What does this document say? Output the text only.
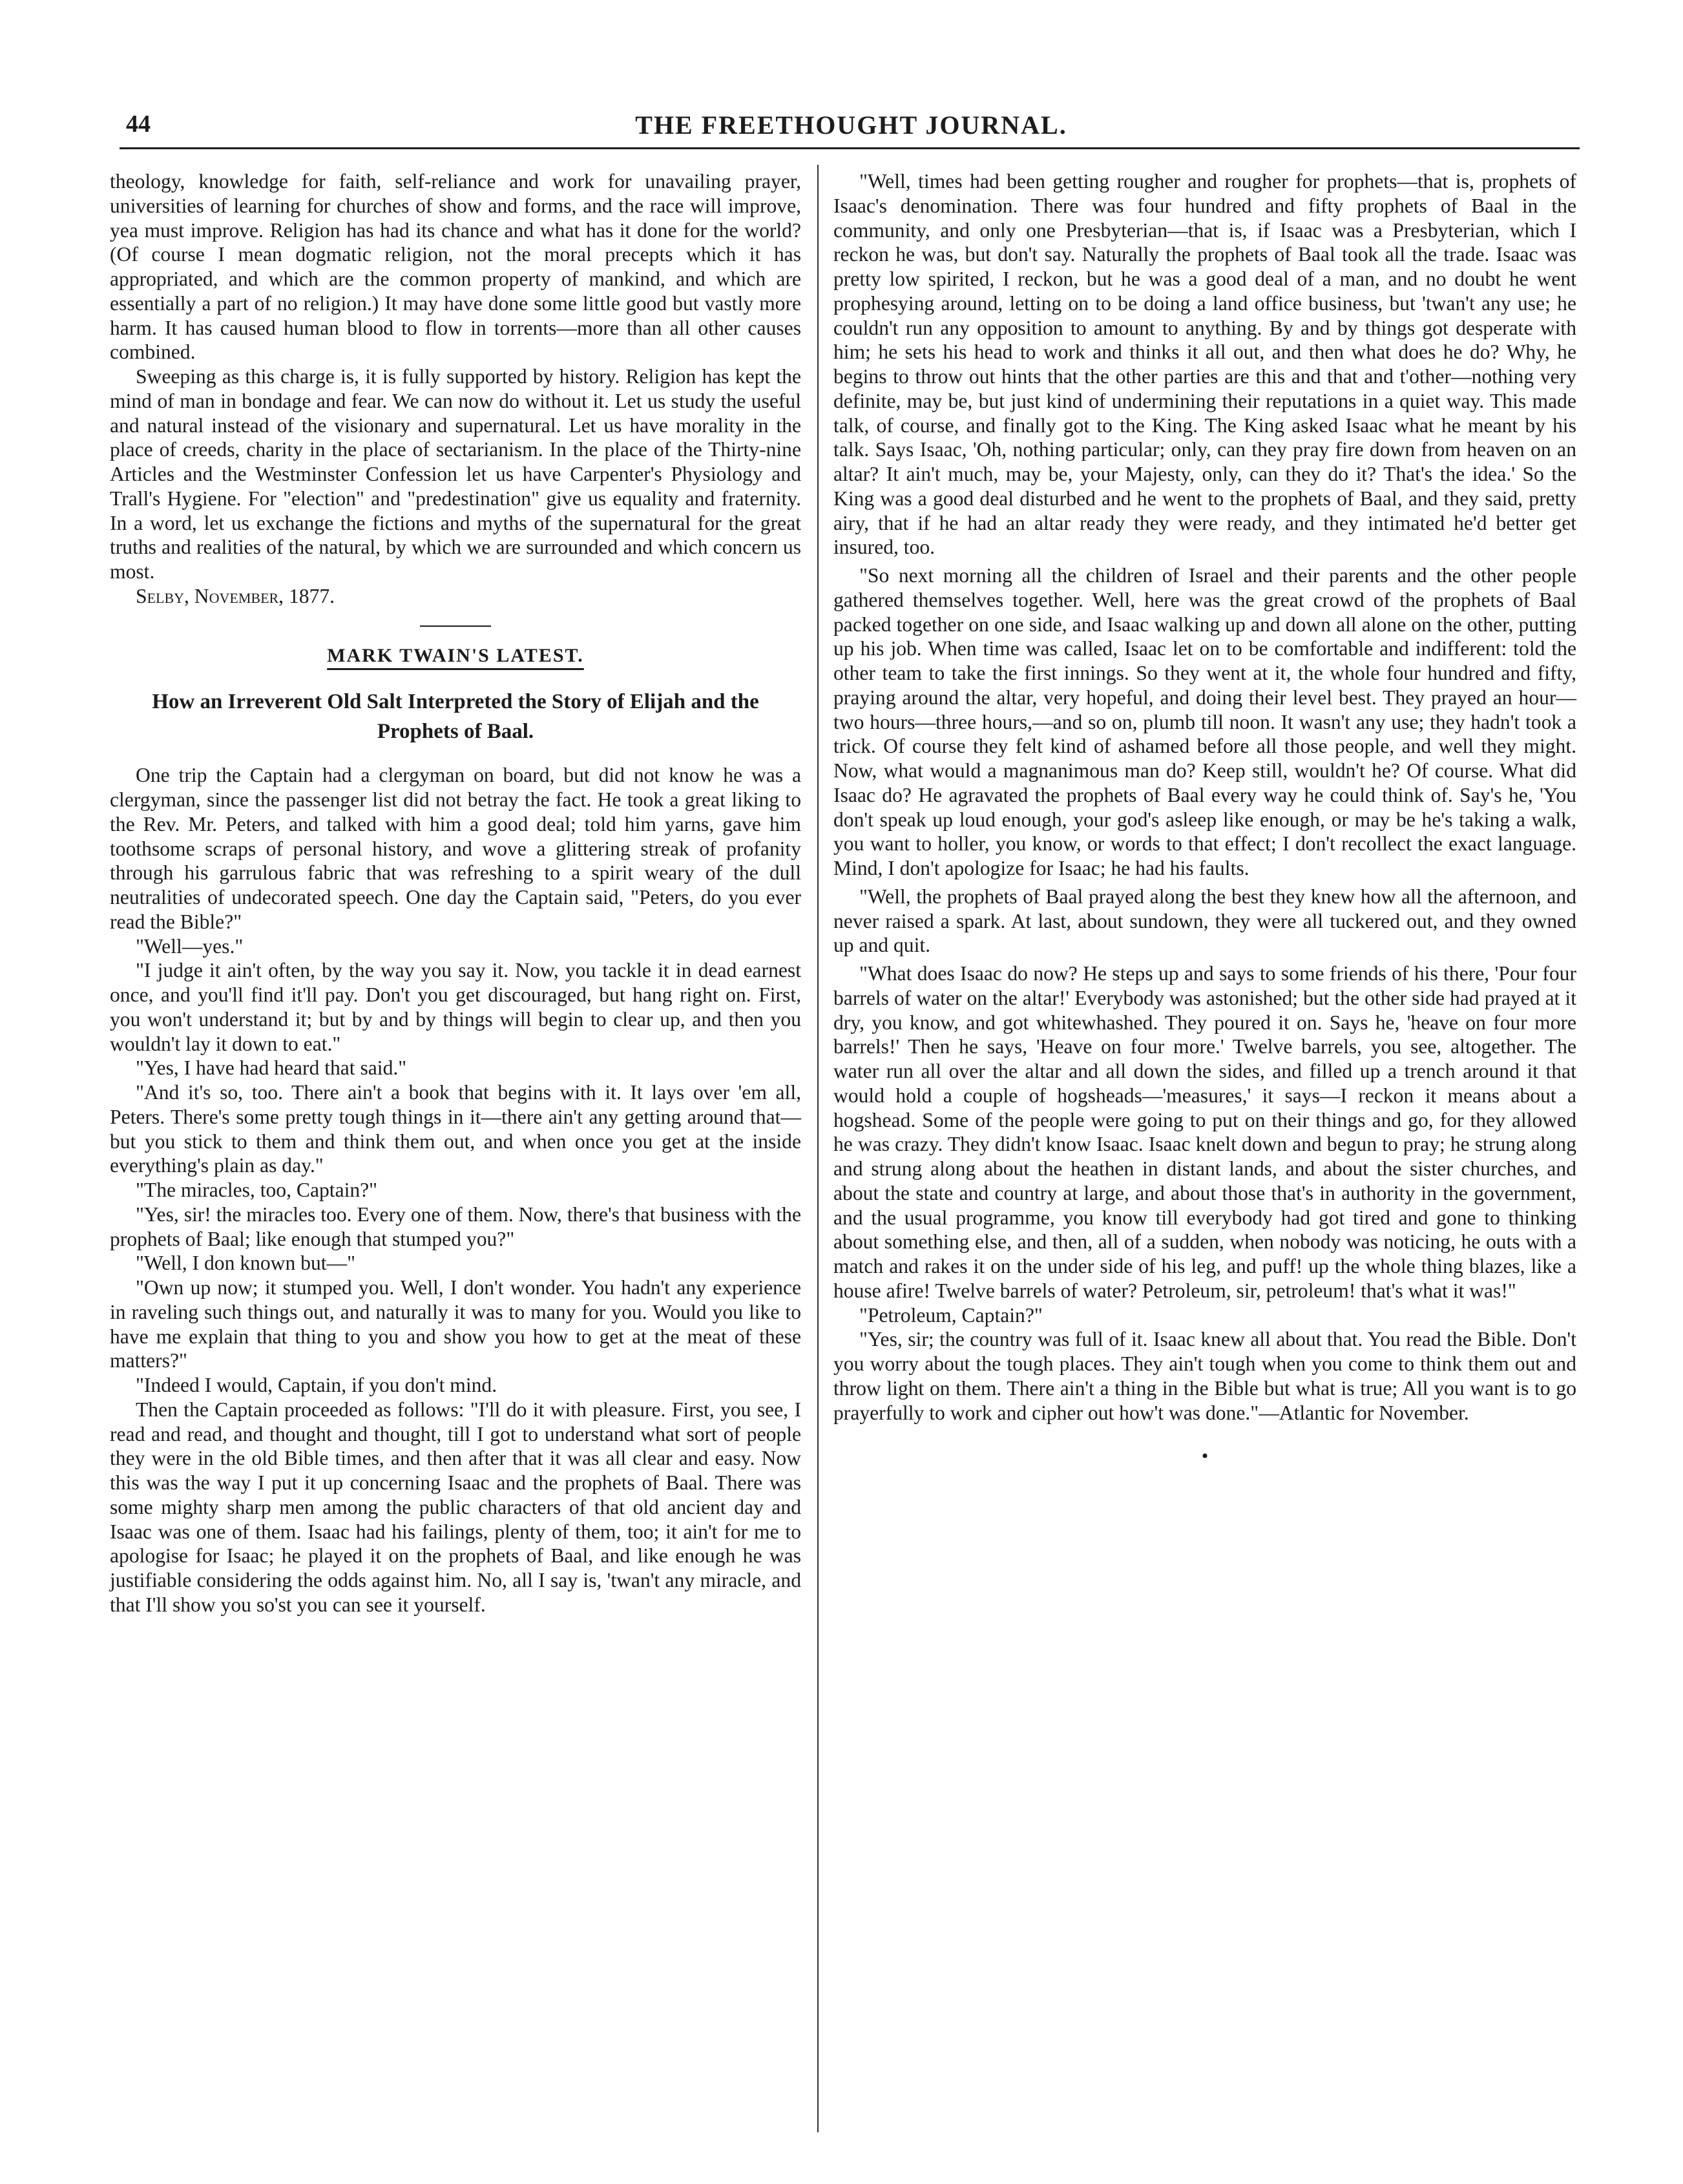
44	THE FREETHOUGHT JOURNAL.

theology, knowledge for faith, self-reliance and work for unavailing prayer, universities of learning for churches of show and forms, and the race will improve, yea must improve. Religion has had its chance and what has it done for the world? (Of course I mean dogmatic religion, not the moral precepts which it has appropriated, and which are the common property of mankind, and which are essentially a part of no religion.) It may have done some little good but vastly more harm. It has caused human blood to flow in torrents—more than all other causes combined.

Sweeping as this charge is, it is fully supported by history. Religion has kept the mind of man in bondage and fear. We can now do without it. Let us study the useful and natural instead of the visionary and supernatural. Let us have morality in the place of creeds, charity in the place of sectarianism. In the place of the Thirty-nine Articles and the Westminster Confession let us have Carpenter's Physiology and Trall's Hygiene. For "election" and "predestination" give us equality and fraternity. In a word, let us exchange the fictions and myths of the supernatural for the great truths and realities of the natural, by which we are surrounded and which concern us most.

Selby, November, 1877.

MARK TWAIN'S LATEST.
How an Irreverent Old Salt Interpreted the Story of Elijah and the Prophets of Baal.

One trip the Captain had a clergyman on board, but did not know he was a clergyman, since the passenger list did not betray the fact. He took a great liking to the Rev. Mr. Peters, and talked with him a good deal; told him yarns, gave him toothsome scraps of personal history, and wove a glittering streak of profanity through his garrulous fabric that was refreshing to a spirit weary of the dull neutralities of undecorated speech. One day the Captain said, "Peters, do you ever read the Bible?"

"Well—yes."

"I judge it ain't often, by the way you say it. Now, you tackle it in dead earnest once, and you'll find it'll pay. Don't you get discouraged, but hang right on. First, you won't understand it; but by and by things will begin to clear up, and then you wouldn't lay it down to eat."

"Yes, I have had heard that said."

"And it's so, too. There ain't a book that begins with it. It lays over 'em all, Peters. There's some pretty tough things in it—there ain't any getting around that—but you stick to them and think them out, and when once you get at the inside everything's plain as day."

"The miracles, too, Captain?"

"Yes, sir! the miracles too. Every one of them. Now, there's that business with the prophets of Baal; like enough that stumped you?"

"Well, I don known but—"

"Own up now; it stumped you. Well, I don't wonder. You hadn't any experience in raveling such things out, and naturally it was to many for you. Would you like to have me explain that thing to you and show you how to get at the meat of these matters?"

"Indeed I would, Captain, if you don't mind.

Then the Captain proceeded as follows: "I'll do it with pleasure. First, you see, I read and read, and thought and thought, till I got to understand what sort of people they were in the old Bible times, and then after that it was all clear and easy. Now this was the way I put it up concerning Isaac and the prophets of Baal. There was some mighty sharp men among the public characters of that old ancient day and Isaac was one of them. Isaac had his failings, plenty of them, too; it ain't for me to apologise for Isaac; he played it on the prophets of Baal, and like enough he was justifiable considering the odds against him. No, all I say is, 'twan't any miracle, and that I'll show you so'st you can see it yourself.

"Well, times had been getting rougher and rougher for prophets—that is, prophets of Isaac's denomination. There was four hundred and fifty prophets of Baal in the community, and only one Presbyterian—that is, if Isaac was a Presbyterian, which I reckon he was, but don't say. Naturally the prophets of Baal took all the trade. Isaac was pretty low spirited, I reckon, but he was a good deal of a man, and no doubt he went prophesying around, letting on to be doing a land office business, but 'twan't any use; he couldn't run any opposition to amount to anything. By and by things got desperate with him; he sets his head to work and thinks it all out, and then what does he do? Why, he begins to throw out hints that the other parties are this and that and t'other—nothing very definite, may be, but just kind of undermining their reputations in a quiet way. This made talk, of course, and finally got to the King. The King asked Isaac what he meant by his talk. Says Isaac, 'Oh, nothing particular; only, can they pray fire down from heaven on an altar? It ain't much, may be, your Majesty, only, can they do it? That's the idea.' So the King was a good deal disturbed and he went to the prophets of Baal, and they said, pretty airy, that if he had an altar ready they were ready, and they intimated he'd better get insured, too.

"So next morning all the children of Israel and their parents and the other people gathered themselves together. Well, here was the great crowd of the prophets of Baal packed together on one side, and Isaac walking up and down all alone on the other, putting up his job. When time was called, Isaac let on to be comfortable and indifferent: told the other team to take the first innings. So they went at it, the whole four hundred and fifty, praying around the altar, very hopeful, and doing their level best. They prayed an hour—two hours—three hours,—and so on, plumb till noon. It wasn't any use; they hadn't took a trick. Of course they felt kind of ashamed before all those people, and well they might. Now, what would a magnanimous man do? Keep still, wouldn't he? Of course. What did Isaac do? He agravated the prophets of Baal every way he could think of. Say's he, 'You don't speak up loud enough, your god's asleep like enough, or may be he's taking a walk, you want to holler, you know, or words to that effect; I don't recollect the exact language. Mind, I don't apologize for Isaac; he had his faults.

"Well, the prophets of Baal prayed along the best they knew how all the afternoon, and never raised a spark. At last, about sundown, they were all tuckered out, and they owned up and quit.

"What does Isaac do now? He steps up and says to some friends of his there, 'Pour four barrels of water on the altar!' Everybody was astonished; but the other side had prayed at it dry, you know, and got whitewhashed. They poured it on. Says he, 'heave on four more barrels!' Then he says, 'Heave on four more.' Twelve barrels, you see, altogether. The water run all over the altar and all down the sides, and filled up a trench around it that would hold a couple of hogsheads—'measures,' it says—I reckon it means about a hogshead. Some of the people were going to put on their things and go, for they allowed he was crazy. They didn't know Isaac. Isaac knelt down and begun to pray; he strung along and strung along about the heathen in distant lands, and about the sister churches, and about the state and country at large, and about those that's in authority in the government, and the usual programme, you know till everybody had got tired and gone to thinking about something else, and then, all of a sudden, when nobody was noticing, he outs with a match and rakes it on the under side of his leg, and puff! up the whole thing blazes, like a house afire! Twelve barrels of water? Petroleum, sir, petroleum! that's what it was!"

"Petroleum, Captain?"

"Yes, sir; the country was full of it. Isaac knew all about that. You read the Bible. Don't you worry about the tough places. They ain't tough when you come to think them out and throw light on them. There ain't a thing in the Bible but what is true; All you want is to go prayerfully to work and cipher out how't was done."—Atlantic for November.

•
